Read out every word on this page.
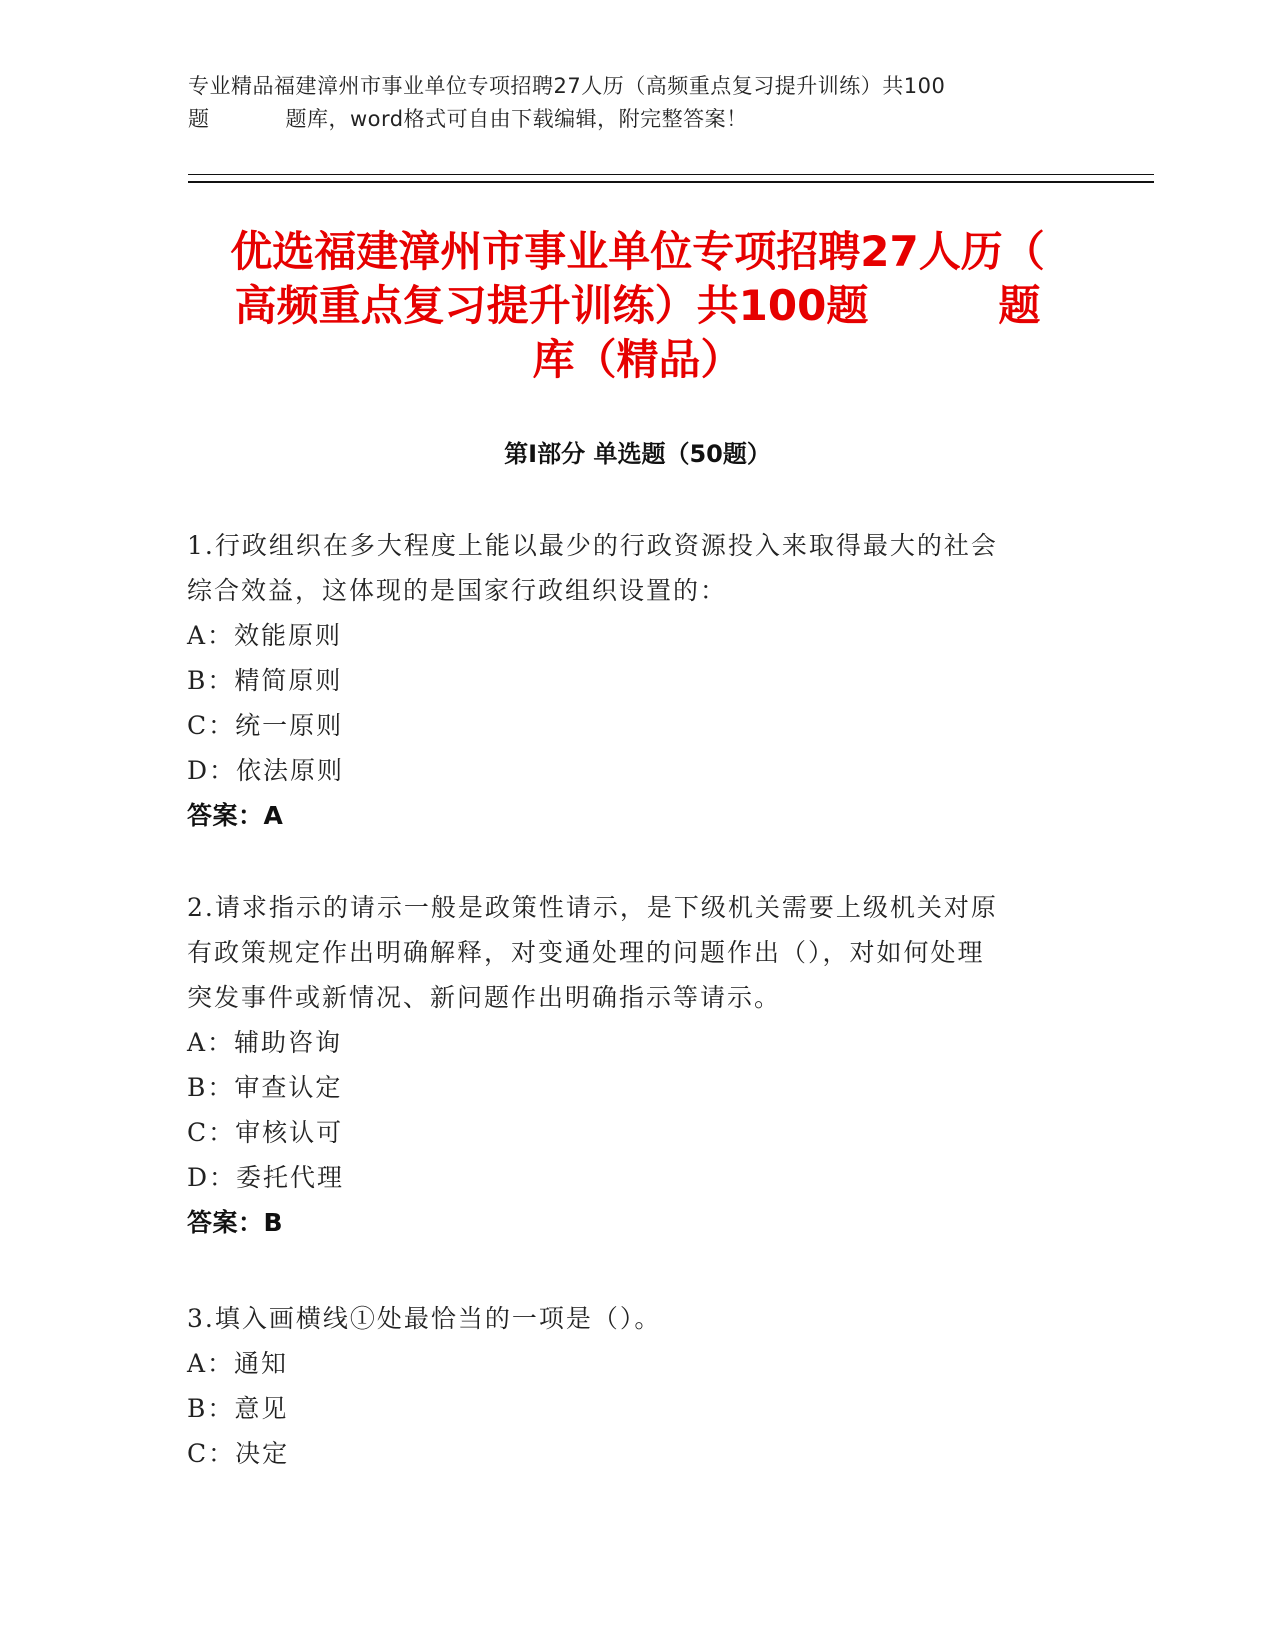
专业精品福建漳州市事业单位专项招聘27人历（高频重点复习提升训练）共100
题	题库，word格式可自由下载编辑，附完整答案！
优选福建漳州市事业单位专项招聘27人历（
高频重点复习提升训练）共100题	题
库（精品）
第Ⅰ部分 单选题（50题）
1.行政组织在多大程度上能以最少的行政资源投入来取得最大的社会
综合效益，这体现的是国家行政组织设置的：
A：效能原则
B：精简原则
C：统一原则
D：依法原则
答案：A
2.请求指示的请示一般是政策性请示，是下级机关需要上级机关对原
有政策规定作出明确解释，对变通处理的问题作出（），对如何处理
突发事件或新情况、新问题作出明确指示等请示。
A：辅助咨询
B：审查认定
C：审核认可
D：委托代理
答案：B
3.填入画横线①处最恰当的一项是（）。
A：通知
B：意见
C：决定
